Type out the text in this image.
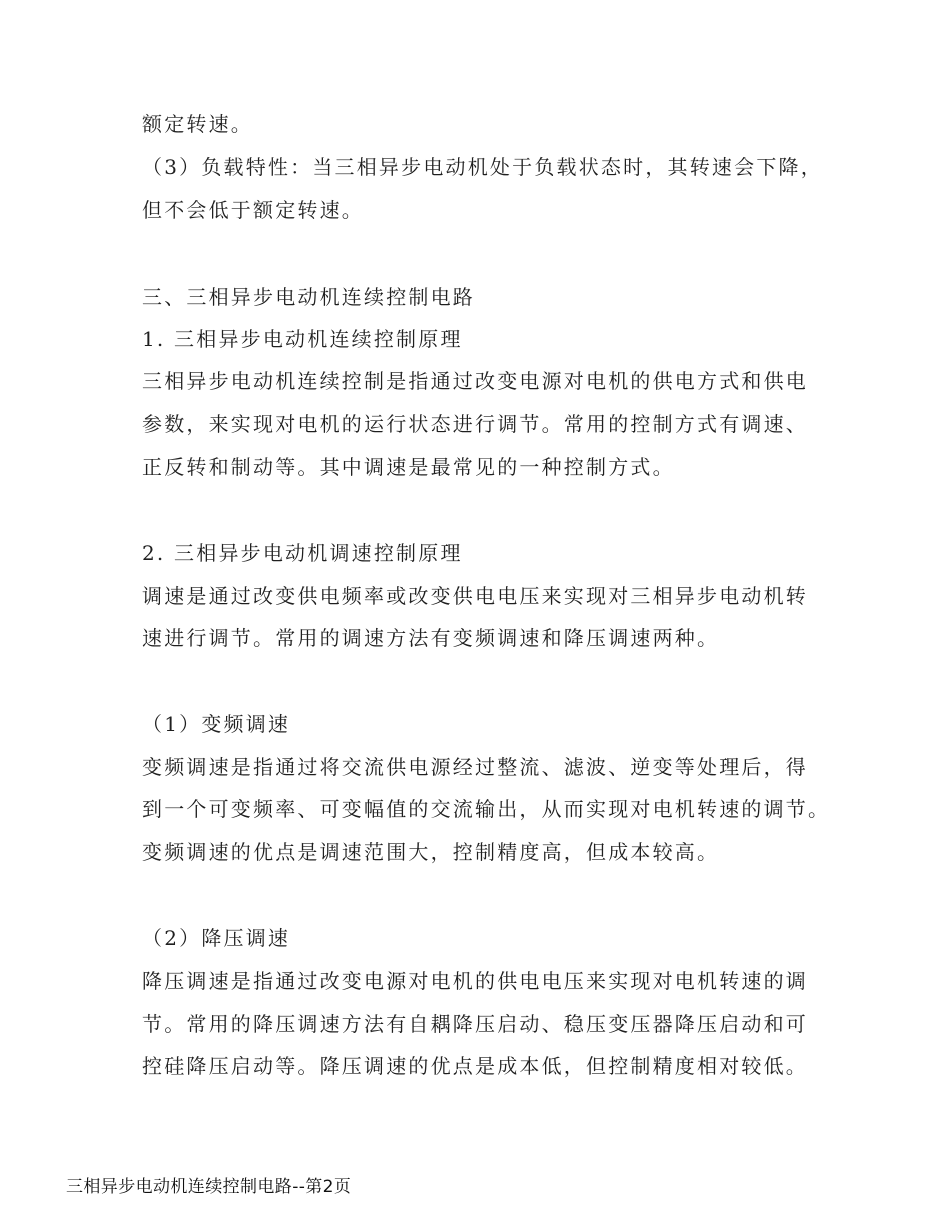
额定转速。
（3）负载特性：当三相异步电动机处于负载状态时，其转速会下降，
但不会低于额定转速。
三、三相异步电动机连续控制电路
1. 三相异步电动机连续控制原理
三相异步电动机连续控制是指通过改变电源对电机的供电方式和供电
参数，来实现对电机的运行状态进行调节。常用的控制方式有调速、
正反转和制动等。其中调速是最常见的一种控制方式。
2. 三相异步电动机调速控制原理
调速是通过改变供电频率或改变供电电压来实现对三相异步电动机转
速进行调节。常用的调速方法有变频调速和降压调速两种。
（1）变频调速
变频调速是指通过将交流供电源经过整流、滤波、逆变等处理后，得
到一个可变频率、可变幅值的交流输出，从而实现对电机转速的调节。
变频调速的优点是调速范围大，控制精度高，但成本较高。
（2）降压调速
降压调速是指通过改变电源对电机的供电电压来实现对电机转速的调
节。常用的降压调速方法有自耦降压启动、稳压变压器降压启动和可
控硅降压启动等。降压调速的优点是成本低，但控制精度相对较低。
三相异步电动机连续控制电路--第2页
